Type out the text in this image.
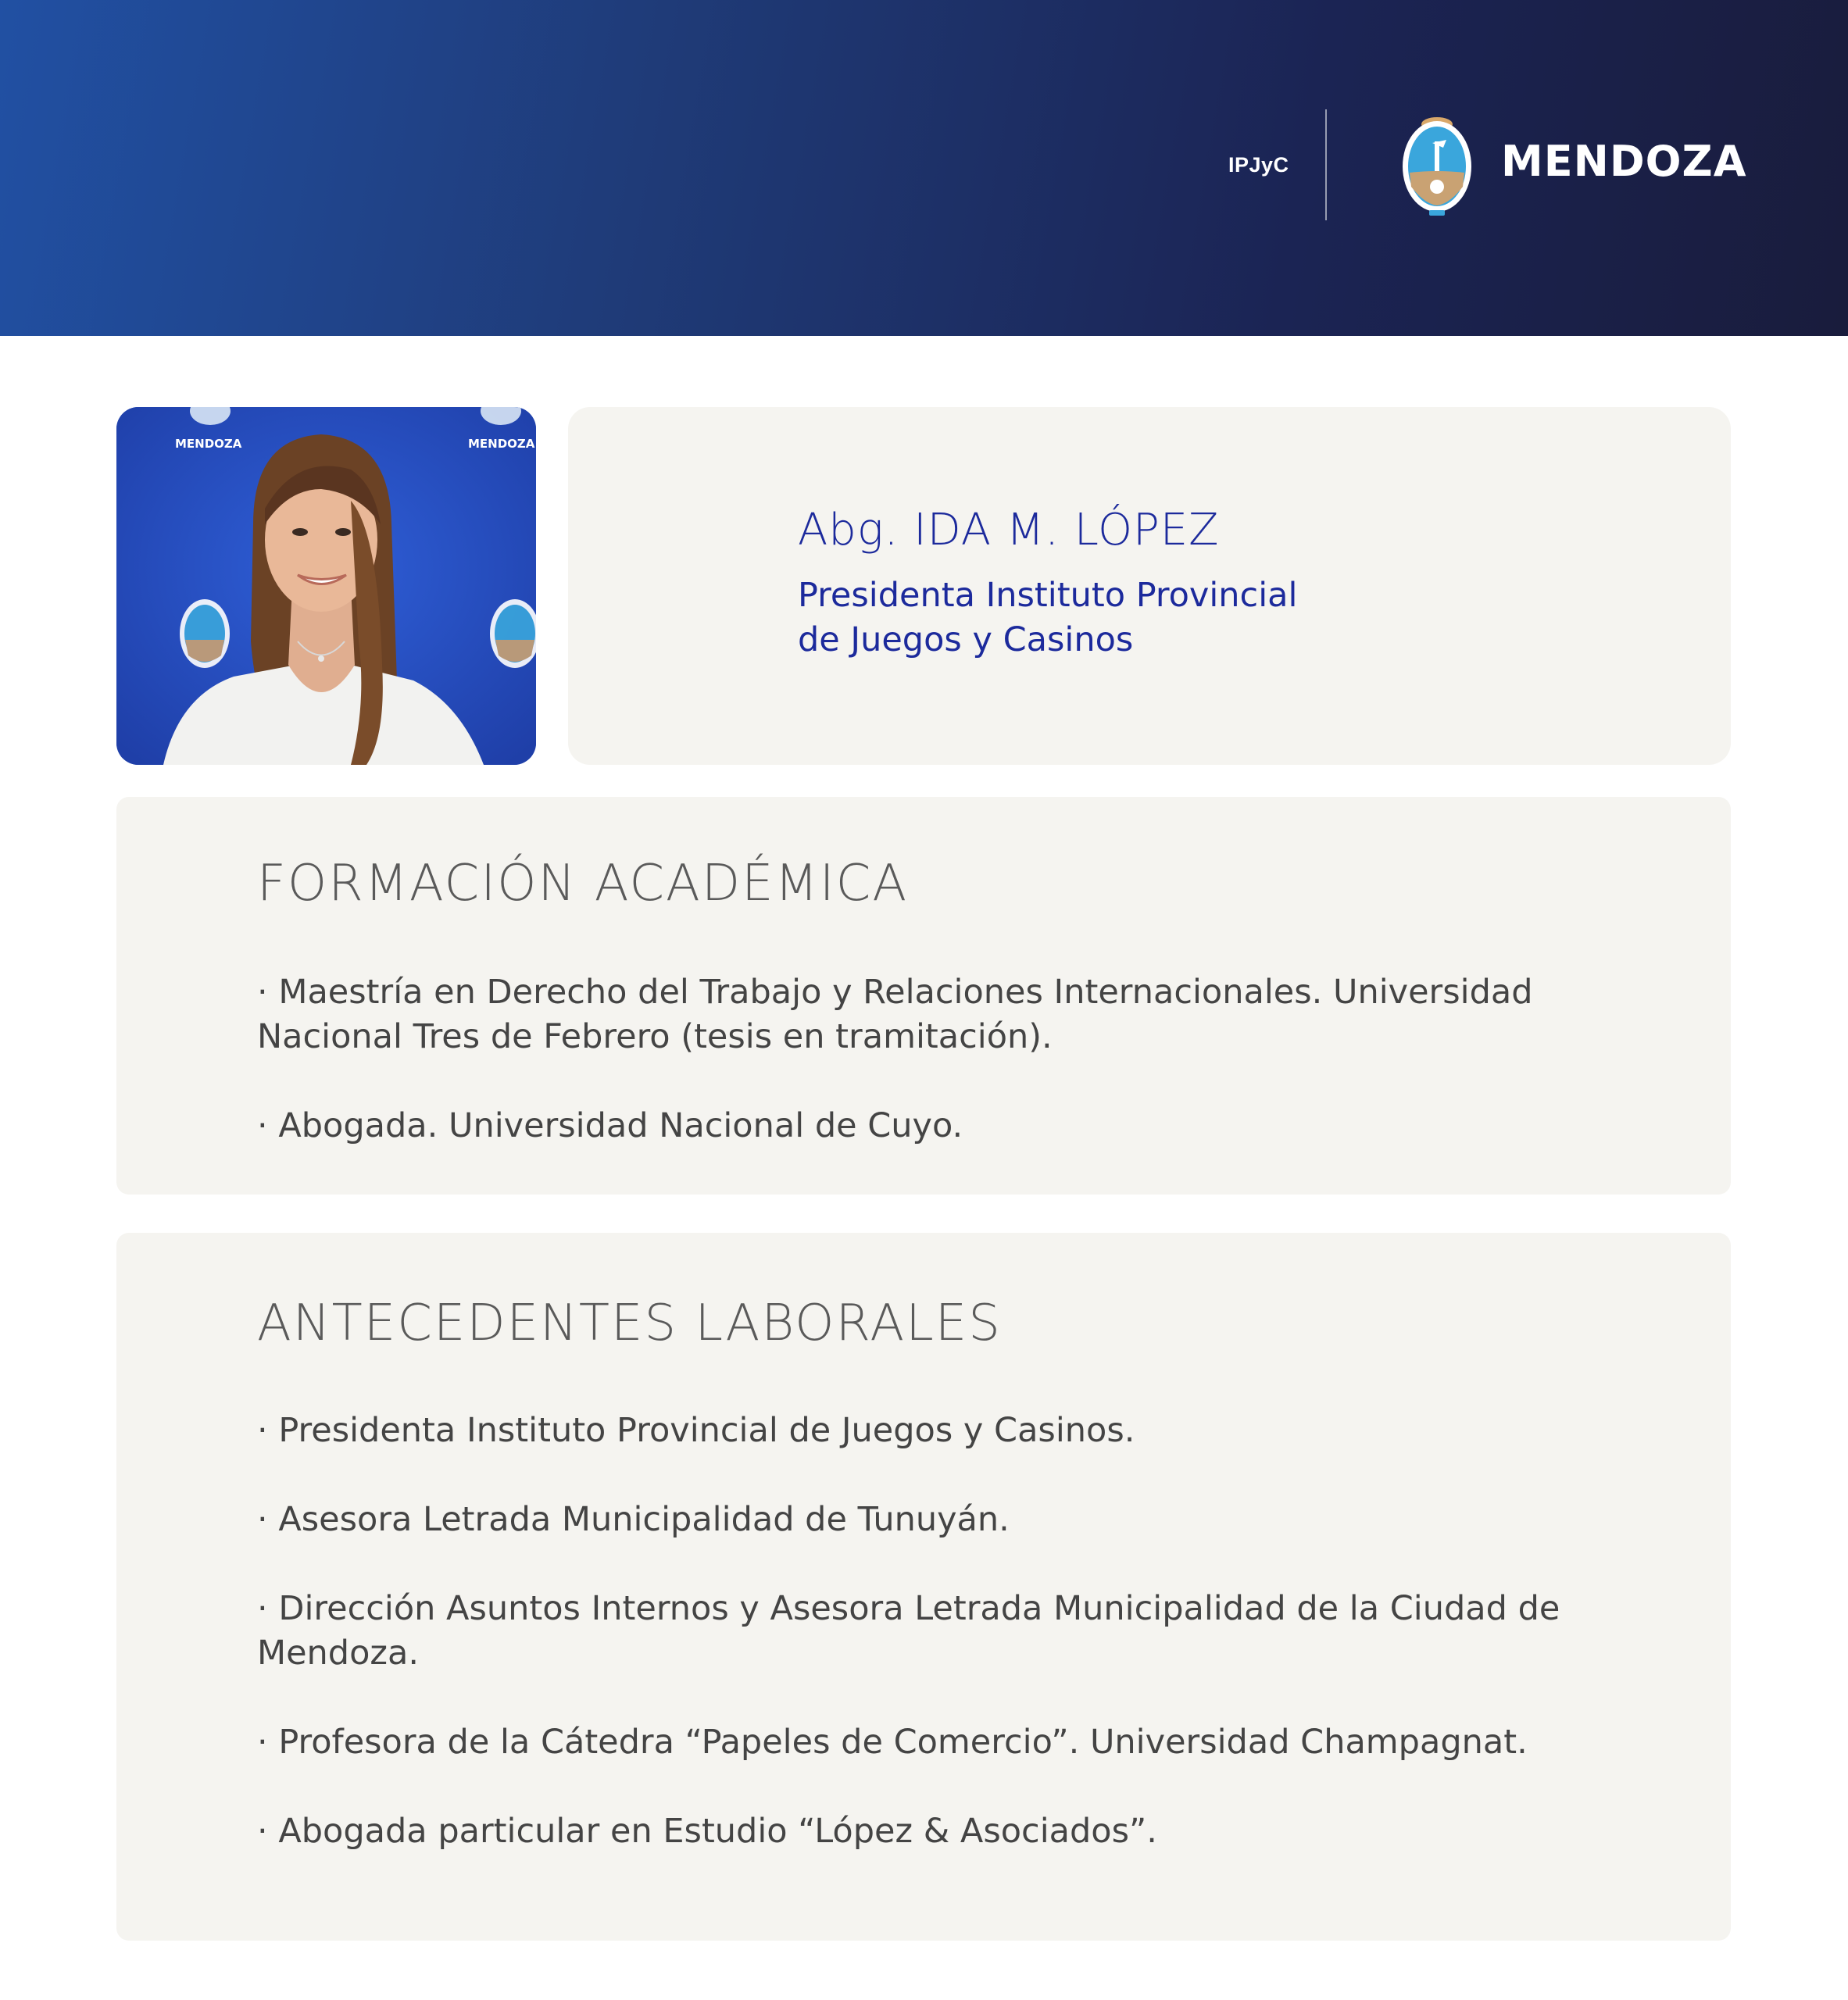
IPJyC	MENDOZA
MENDOZA	MENDOZA
Abg. IDA M. LÓPEZ
Presidenta Instituto Provincial
de Juegos y Casinos
FORMACIÓN ACADÉMICA
· Maestría en Derecho del Trabajo y Relaciones Internacionales. Universidad Nacional Tres de Febrero (tesis en tramitación).
· Abogada. Universidad Nacional de Cuyo.
ANTECEDENTES LABORALES
· Presidenta Instituto Provincial de Juegos y Casinos.
· Asesora Letrada Municipalidad de Tunuyán.
· Dirección Asuntos Internos y Asesora Letrada Municipalidad de la Ciudad de Mendoza.
· Profesora de la Cátedra “Papeles de Comercio”. Universidad Champagnat.
· Abogada particular en Estudio “López & Asociados”.
